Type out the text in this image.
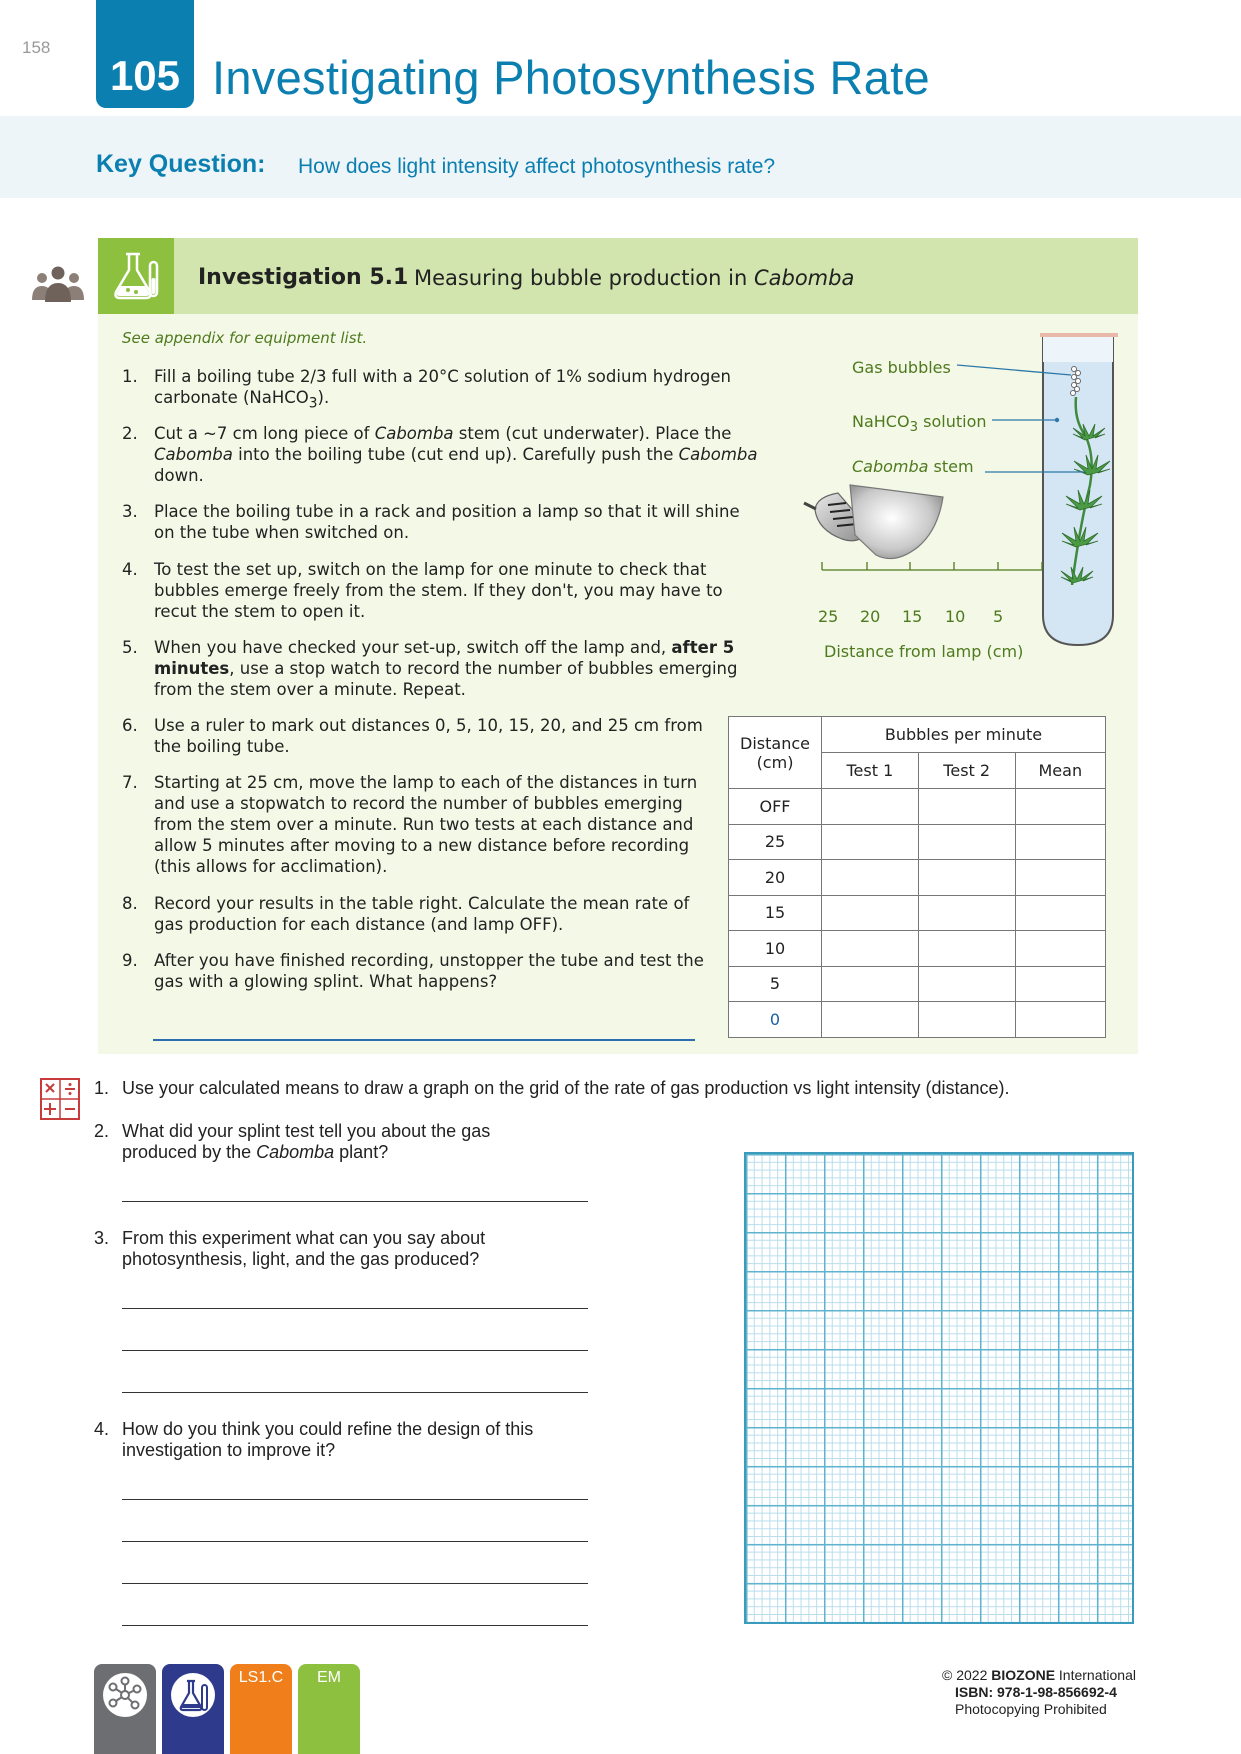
158
105 Investigating Photosynthesis Rate
Key Question: How does light intensity affect photosynthesis rate?
Investigation 5.1 Measuring bubble production in Cabomba
See appendix for equipment list.
1. Fill a boiling tube 2/3 full with a 20°C solution of 1% sodium hydrogen carbonate (NaHCO$_3$).
2. Cut a ~7 cm long piece of Cabomba stem (cut underwater). Place the Cabomba into the boiling tube (cut end up). Carefully push the Cabomba down.
3. Place the boiling tube in a rack and position a lamp so that it will shine on the tube when switched on.
4. To test the set up, switch on the lamp for one minute to check that bubbles emerge freely from the stem. If they don't, you may have to recut the stem to open it.
5. When you have checked your set-up, switch off the lamp and, after 5 minutes, use a stop watch to record the number of bubbles emerging from the stem over a minute. Repeat.
6. Use a ruler to mark out distances 0, 5, 10, 15, 20, and 25 cm from the boiling tube.
7. Starting at 25 cm, move the lamp to each of the distances in turn and use a stopwatch to record the number of bubbles emerging from the stem over a minute. Run two tests at each distance and allow 5 minutes after moving to a new distance before recording (this allows for acclimation).
8. Record your results in the table right. Calculate the mean rate of gas production for each distance (and lamp OFF).
9. After you have finished recording, unstopper the tube and test the gas with a glowing splint. What happens?
Gas bubbles
NaHCO$_3$ solution
Cabomba stem
25 20 15 10 5
Distance from lamp (cm)
Distance (cm)	Bubbles per minute		
	Test 1	Test 2	Mean
OFF			
25			
20			
15			
10			
5			
0			
1. Use your calculated means to draw a graph on the grid of the rate of gas production vs light intensity (distance).
2. What did your splint test tell you about the gas produced by the Cabomba plant?
3. From this experiment what can you say about photosynthesis, light, and the gas produced?
4. How do you think you could refine the design of this investigation to improve it?
LS1.C	EM	© 2022 BIOZONE International
ISBN: 978-1-98-856692-4
Photocopying Prohibited
